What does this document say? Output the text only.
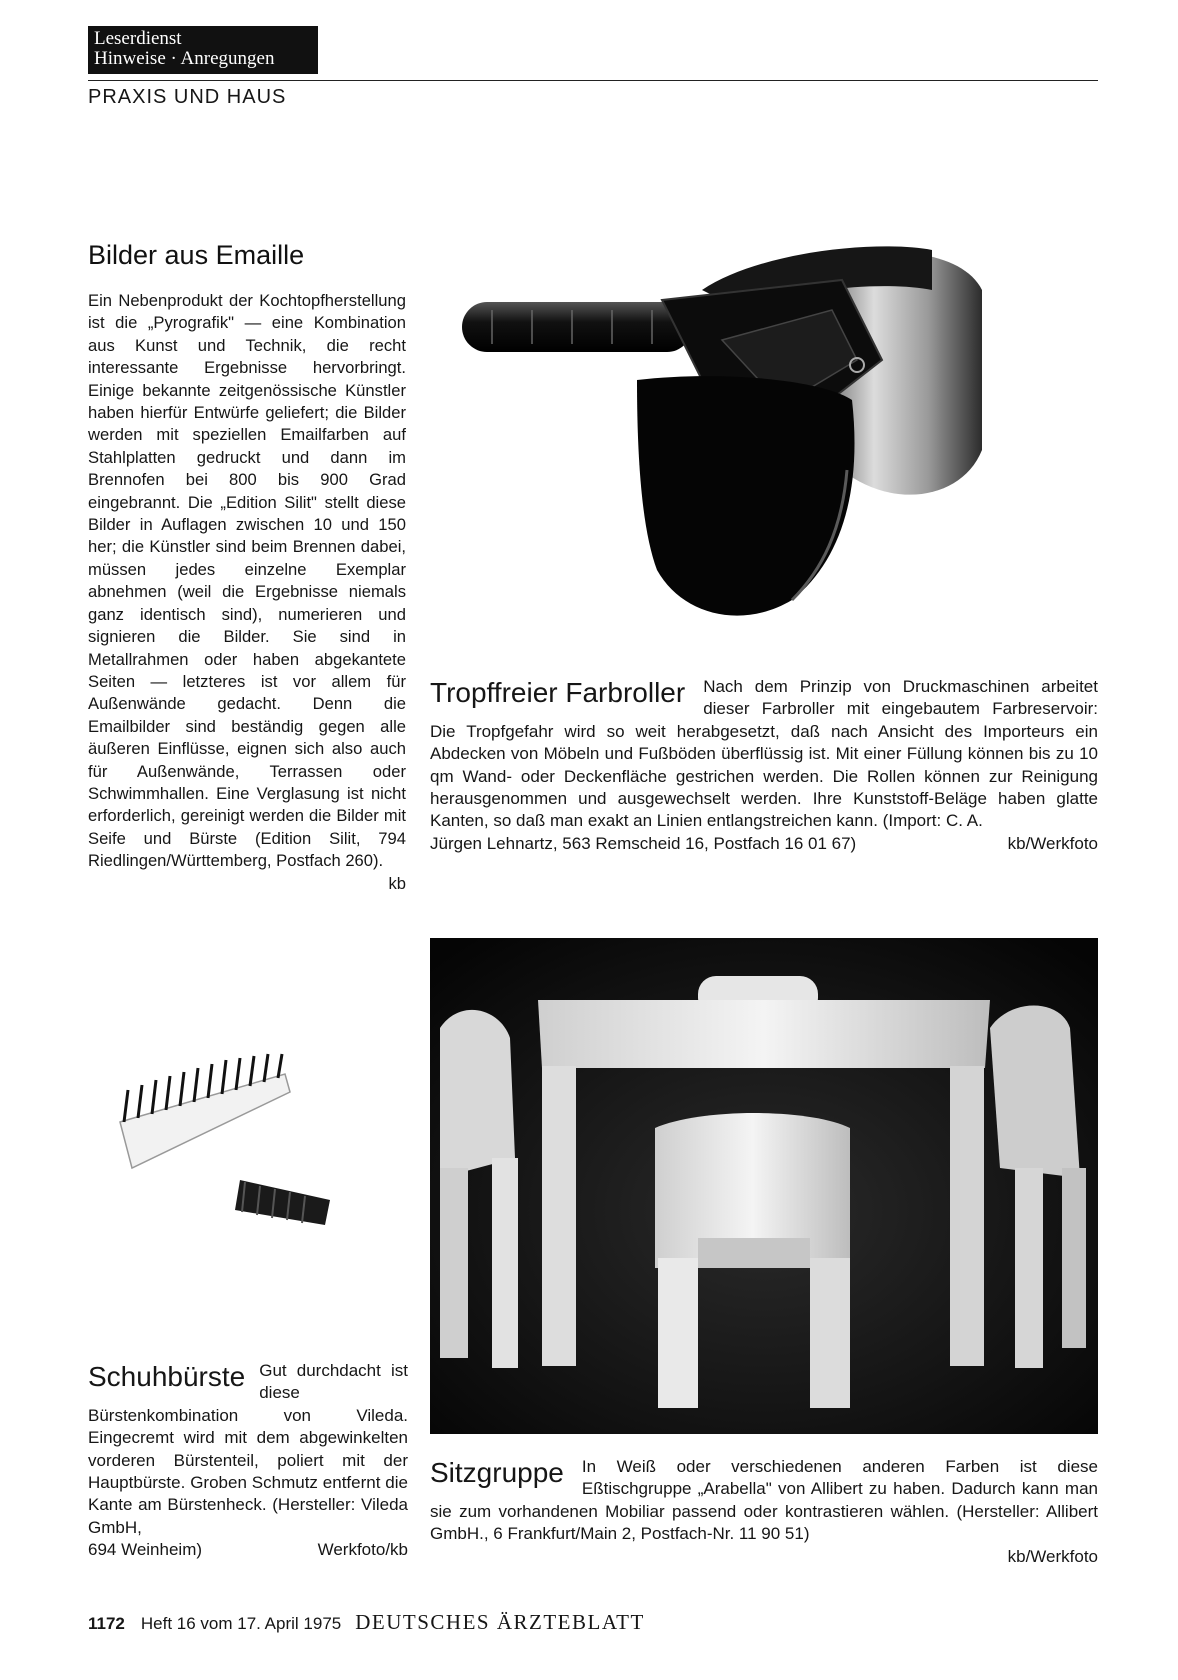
Leserdienst
Hinweise · Anregungen
PRAXIS UND HAUS
Bilder aus Emaille
Ein Nebenprodukt der Kochtopfherstellung ist die „Pyrografik" — eine Kombination aus Kunst und Technik, die recht interessante Ergebnisse hervorbringt. Einige bekannte zeitgenössische Künstler haben hierfür Entwürfe geliefert; die Bilder werden mit speziellen Emailfarben auf Stahlplatten gedruckt und dann im Brennofen bei 800 bis 900 Grad eingebrannt. Die „Edition Silit" stellt diese Bilder in Auflagen zwischen 10 und 150 her; die Künstler sind beim Brennen dabei, müssen jedes einzelne Exemplar abnehmen (weil die Ergebnisse niemals ganz identisch sind), numerieren und signieren die Bilder. Sie sind in Metallrahmen oder haben abgekantete Seiten — letzteres ist vor allem für Außenwände gedacht. Denn die Emailbilder sind beständig gegen alle äußeren Einflüsse, eignen sich also auch für Außenwände, Terrassen oder Schwimmhallen. Eine Verglasung ist nicht erforderlich, gereinigt werden die Bilder mit Seife und Bürste (Edition Silit, 794 Riedlingen/Württemberg, Postfach 260).
kb
Tropffreier Farbroller	Nach dem Prinzip von Druckmaschinen arbeitet dieser Farbroller mit eingebautem Farbreservoir: Die Tropfgefahr wird so weit herabgesetzt, daß nach Ansicht des Importeurs ein Abdecken von Möbeln und Fußböden überflüssig ist. Mit einer Füllung können bis zu 10 qm Wand- oder Deckenfläche gestrichen werden. Die Rollen können zur Reinigung herausgenommen und ausgewechselt werden. Ihre Kunststoff-Beläge haben glatte Kanten, so daß man exakt an Linien entlangstreichen kann. (Import: C. A.
Jürgen Lehnartz, 563 Remscheid 16, Postfach 16 01 67)	kb/Werkfoto
Schuhbürste Gut durchdacht ist diese Bürstenkombination von Vileda. Eingecremt wird mit dem abgewinkelten vorderen Bürstenteil, poliert mit der Hauptbürste. Groben Schmutz entfernt die Kante am Bürstenheck. (Hersteller: Vileda GmbH,
694 Weinheim)	Werkfoto/kb
Sitzgruppe	In Weiß oder verschiedenen anderen Farben ist diese Eßtischgruppe „Arabella" von Allibert zu haben. Dadurch kann man sie zum vorhandenen Mobiliar passend oder kontrastieren wählen. (Hersteller: Allibert GmbH., 6 Frankfurt/Main 2, Postfach-Nr. 11 90 51)
kb/Werkfoto
1172 Heft 16 vom 17. April 1975 DEUTSCHES ÄRZTEBLATT
